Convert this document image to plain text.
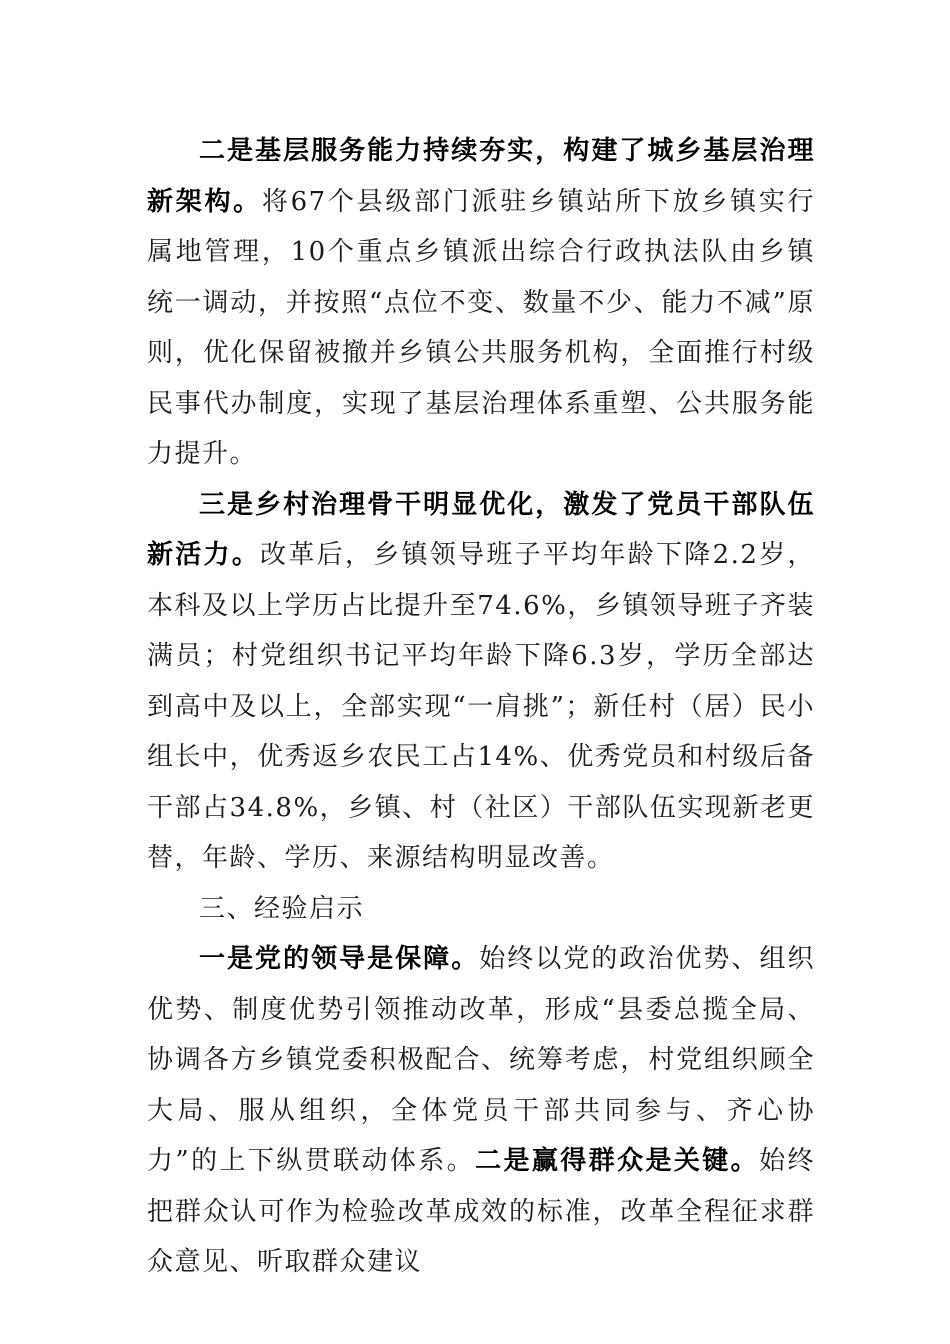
二是基层服务能力持续夯实，构建了城乡基层治理新架构。将67个县级部门派驻乡镇站所下放乡镇实行属地管理，10个重点乡镇派出综合行政执法队由乡镇统一调动，并按照“点位不变、数量不少、能力不减”原则，优化保留被撤并乡镇公共服务机构，全面推行村级民事代办制度，实现了基层治理体系重塑、公共服务能力提升。

三是乡村治理骨干明显优化，激发了党员干部队伍新活力。改革后，乡镇领导班子平均年龄下降2.2岁，本科及以上学历占比提升至74.6%，乡镇领导班子齐装满员；村党组织书记平均年龄下降6.3岁，学历全部达到高中及以上，全部实现“一肩挑”；新任村（居）民小组长中，优秀返乡农民工占14%、优秀党员和村级后备干部占34.8%，乡镇、村（社区）干部队伍实现新老更替，年龄、学历、来源结构明显改善。

三、经验启示

一是党的领导是保障。始终以党的政治优势、组织优势、制度优势引领推动改革，形成“县委总揽全局、协调各方乡镇党委积极配合、统筹考虑，村党组织顾全大局、服从组织，全体党员干部共同参与、齐心协力”的上下纵贯联动体系。二是赢得群众是关键。始终把群众认可作为检验改革成效的标准，改革全程征求群众意见、听取群众建议
